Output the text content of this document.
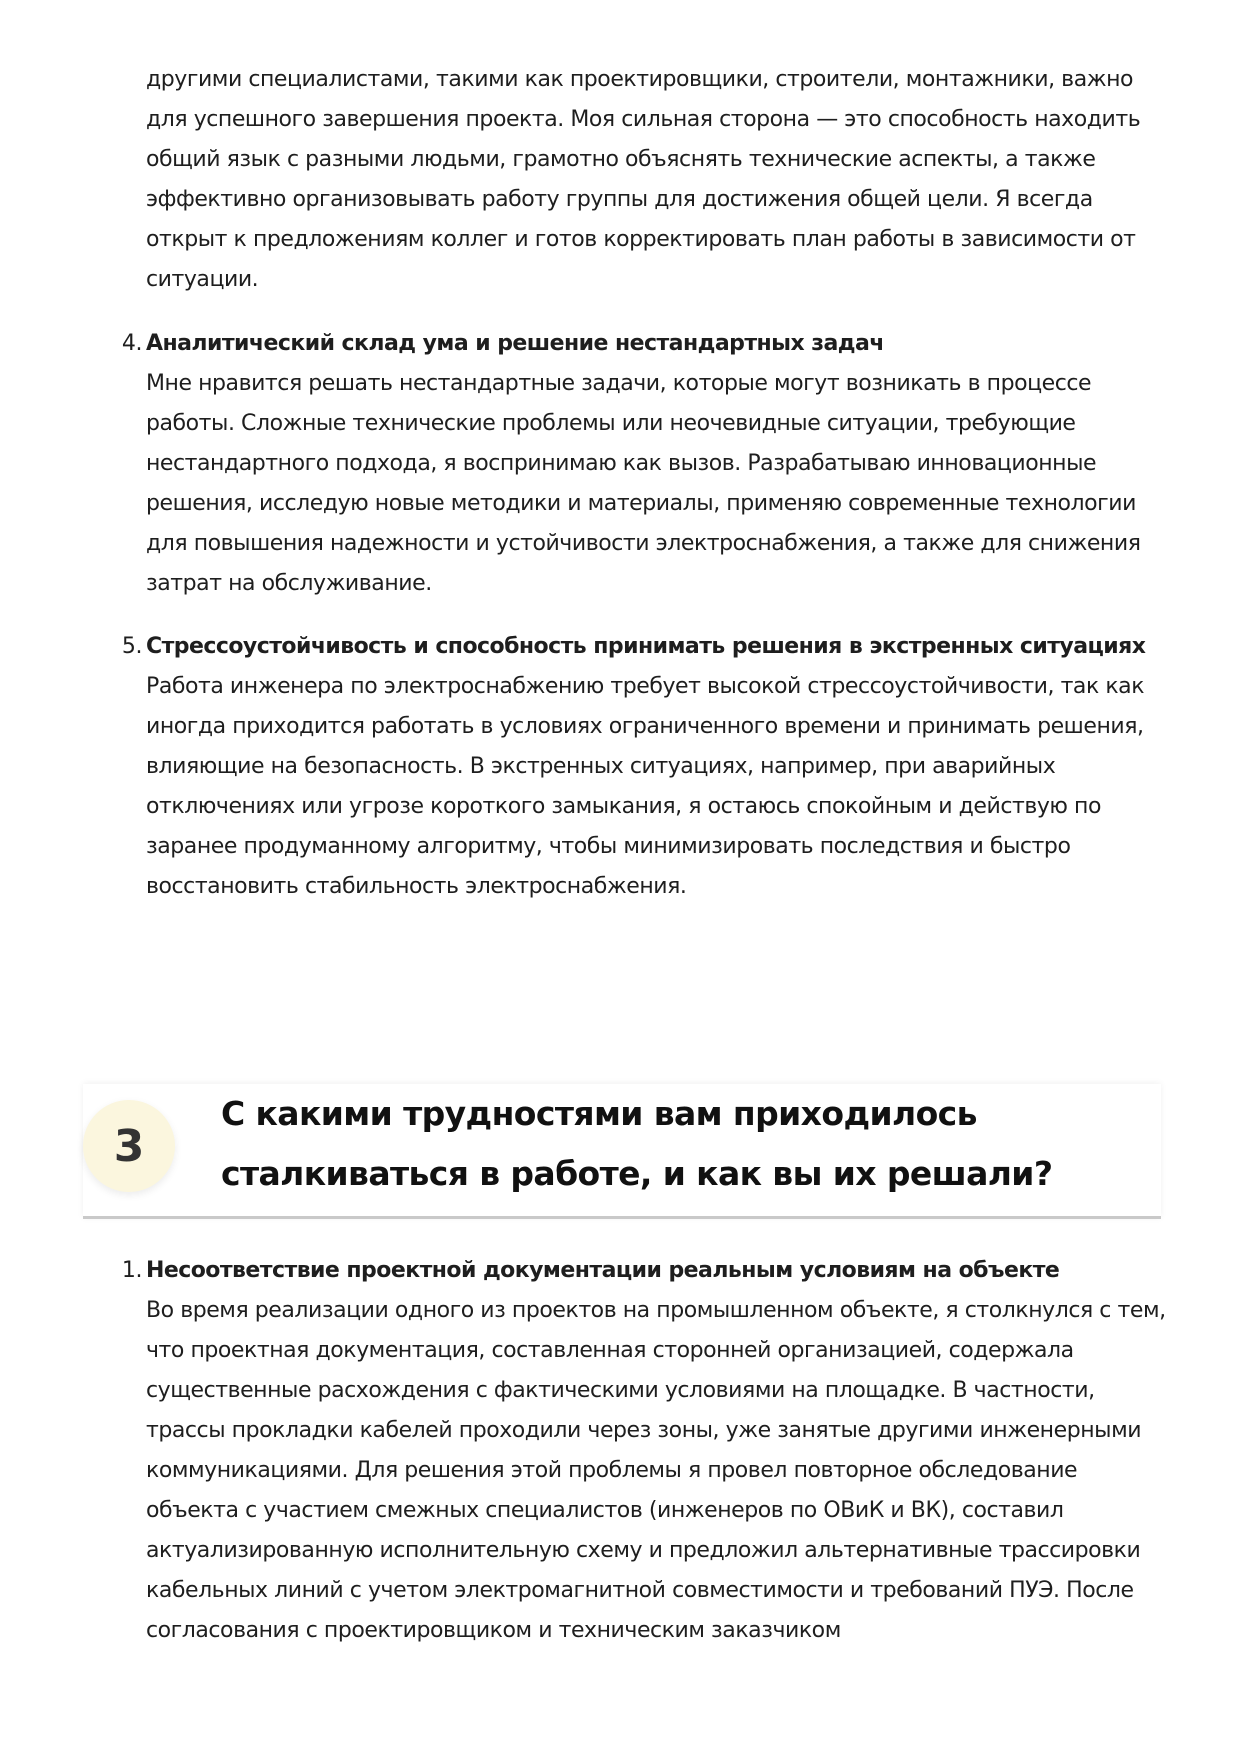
другими специалистами, такими как проектировщики, строители, монтажники, важно для успешного завершения проекта. Моя сильная сторона — это способность находить общий язык с разными людьми, грамотно объяснять технические аспекты, а также эффективно организовывать работу группы для достижения общей цели. Я всегда открыт к предложениям коллег и готов корректировать план работы в зависимости от ситуации.

4. Аналитический склад ума и решение нестандартных задач
Мне нравится решать нестандартные задачи, которые могут возникать в процессе работы. Сложные технические проблемы или неочевидные ситуации, требующие нестандартного подхода, я воспринимаю как вызов. Разрабатываю инновационные решения, исследую новые методики и материалы, применяю современные технологии для повышения надежности и устойчивости электроснабжения, а также для снижения затрат на обслуживание.
5. Стрессоустойчивость и способность принимать решения в экстренных ситуациях
Работа инженера по электроснабжению требует высокой стрессоустойчивости, так как иногда приходится работать в условиях ограниченного времени и принимать решения, влияющие на безопасность. В экстренных ситуациях, например, при аварийных отключениях или угрозе короткого замыкания, я остаюсь спокойным и действую по заранее продуманному алгоритму, чтобы минимизировать последствия и быстро восстановить стабильность электроснабжения.
3
С какими трудностями вам приходилось сталкиваться в работе, и как вы их решали?
1. Несоответствие проектной документации реальным условиям на объекте
Во время реализации одного из проектов на промышленном объекте, я столкнулся с тем, что проектная документация, составленная сторонней организацией, содержала существенные расхождения с фактическими условиями на площадке. В частности, трассы прокладки кабелей проходили через зоны, уже занятые другими инженерными коммуникациями. Для решения этой проблемы я провел повторное обследование объекта с участием смежных специалистов (инженеров по ОВиК и ВК), составил актуализированную исполнительную схему и предложил альтернативные трассировки кабельных линий с учетом электромагнитной совместимости и требований ПУЭ. После согласования с проектировщиком и техническим заказчиком
